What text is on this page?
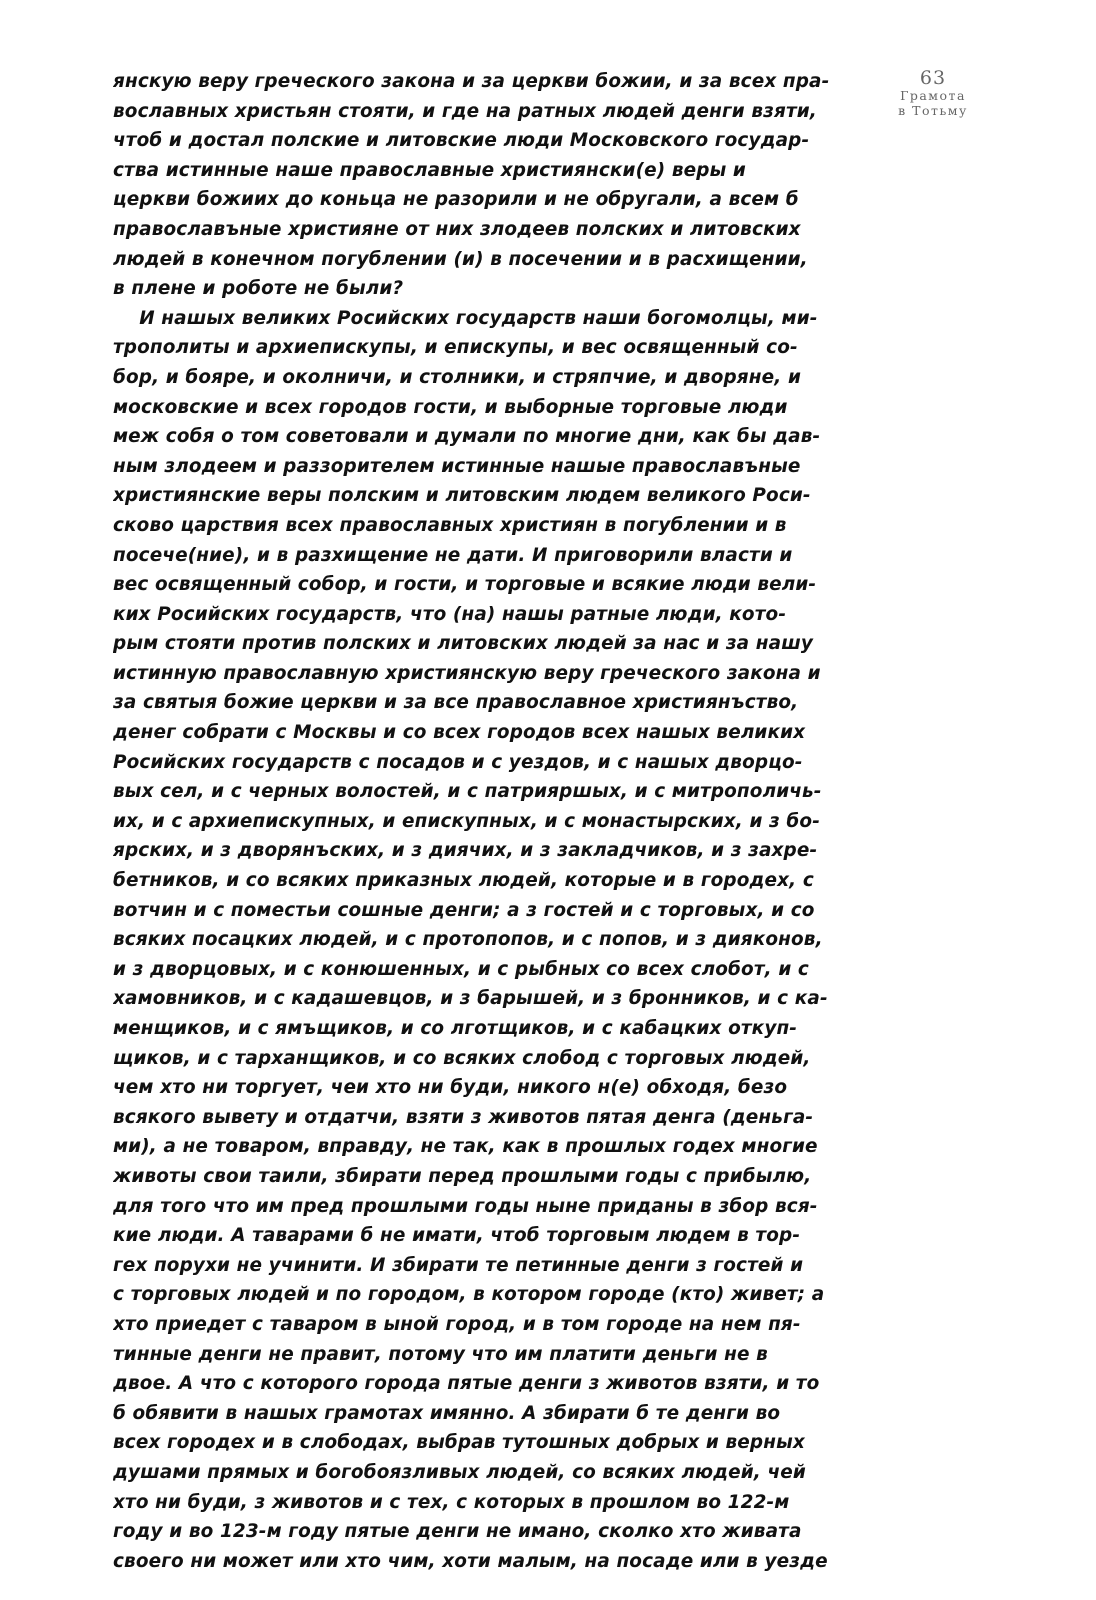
63
Грамота
в Тотьму
янскую веру греческого закона и за церкви божии, и за всех пра-
вославных христьян стояти, и где на ратных людей денги взяти,
чтоб и достал полские и литовские люди Московского государ-
ства истинные наше православные християнски(е) веры и
церкви божиих до коньца не разорили и не обругали, а всем б
православъные християне от них злодеев полских и литовских
людей в конечном погублении (и) в посечении и в расхищении,
в плене и роботе не были?
И нашых великих Росийских государств наши богомолцы, ми-
трополиты и архиепискупы, и епискупы, и вес освященный со-
бор, и бояре, и околничи, и столники, и стряпчие, и дворяне, и
московские и всех городов гости, и выборные торговые люди
меж собя о том советовали и думали по многие дни, как бы дав-
ным злодеем и раззорителем истинные нашые православъные
християнские веры полским и литовским людем великого Роси-
сково царствия всех православных християн в погублении и в
посече(ние), и в разхищение не дати. И приговорили власти и
вес освященный собор, и гости, и торговые и всякие люди вели-
ких Росийских государств, что (на) нашы ратные люди, кото-
рым стояти против полских и литовских людей за нас и за нашу
истинную православную християнскую веру греческого закона и
за святыя божие церкви и за все православное християнъство,
денег собрати с Москвы и со всех городов всех нашых великих
Росийских государств с посадов и с уездов, и с нашых дворцо-
вых сел, и с черных волостей, и с патрияршых, и с митрополичь-
их, и с архиепискупных, и епискупных, и с монастырских, и з бо-
ярских, и з дворянъских, и з диячих, и з закладчиков, и з захре-
бетников, и со всяких приказных людей, которые и в городех, с
вотчин и с поместьи сошные денги; а з гостей и с торговых, и со
всяких посацких людей, и с протопопов, и с попов, и з дияконов,
и з дворцовых, и с конюшенных, и с рыбных со всех слобот, и с
хамовников, и с кадашевцов, и з барышей, и з бронников, и с ка-
менщиков, и с ямъщиков, и со лготщиков, и с кабацких откуп-
щиков, и с тарханщиков, и со всяких слобод с торговых людей,
чем хто ни торгует, чеи хто ни буди, никого н(е) обходя, безо
всякого вывету и отдатчи, взяти з животов пятая денга (деньга-
ми), а не товаром, вправду, не так, как в прошлых годех многие
животы свои таили, збирати перед прошлыми годы с прибылю,
для того что им пред прошлыми годы ныне приданы в збор вся-
кие люди. А таварами б не имати, чтоб торговым людем в тор-
гех порухи не учинити. И збирати те петинные денги з гостей и
с торговых людей и по городом, в котором городе (кто) живет; а
хто приедет с таваром в ыной город, и в том городе на нем пя-
тинные денги не правит, потому что им платити деньги не в
двое. А что с которого города пятые денги з животов взяти, и то
б обявити в нашых грамотах имянно. А збирати б те денги во
всех городех и в слободах, выбрав тутошных добрых и верных
душами прямых и богобоязливых людей, со всяких людей, чей
хто ни буди, з животов и с тех, с которых в прошлом во 122-м
году и во 123-м году пятые денги не имано, сколко хто живата
своего ни может или хто чим, хоти малым, на посаде или в уезде
